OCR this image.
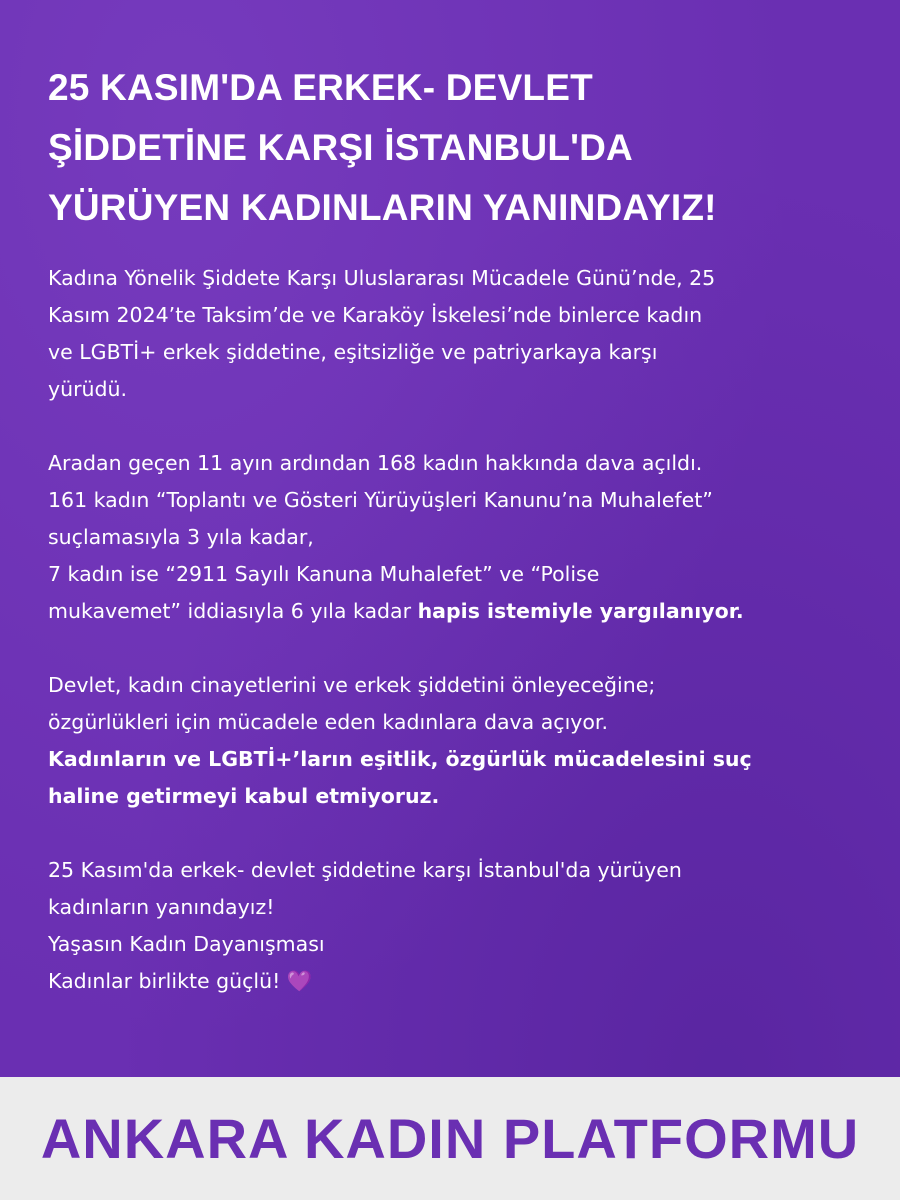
25 KASIM'DA ERKEK- DEVLET
ŞİDDETİNE KARŞI İSTANBUL'DA
YÜRÜYEN KADINLARIN YANINDAYIZ!
Kadına Yönelik Şiddete Karşı Uluslararası Mücadele Günü’nde, 25
Kasım 2024’te Taksim’de ve Karaköy İskelesi’nde binlerce kadın
ve LGBTİ+ erkek şiddetine, eşitsizliğe ve patriyarkaya karşı
yürüdü.
Aradan geçen 11 ayın ardından 168 kadın hakkında dava açıldı.
161 kadın “Toplantı ve Gösteri Yürüyüşleri Kanunu’na Muhalefet”
suçlamasıyla 3 yıla kadar,
7 kadın ise “2911 Sayılı Kanuna Muhalefet” ve “Polise
mukavemet” iddiasıyla 6 yıla kadar hapis istemiyle yargılanıyor.
Devlet, kadın cinayetlerini ve erkek şiddetini önleyeceğine;
özgürlükleri için mücadele eden kadınlara dava açıyor.
Kadınların ve LGBTİ+’ların eşitlik, özgürlük mücadelesini suç
haline getirmeyi kabul etmiyoruz.
25 Kasım'da erkek- devlet şiddetine karşı İstanbul'da yürüyen
kadınların yanındayız!
Yaşasın Kadın Dayanışması
Kadınlar birlikte güçlü! 💜
ANKARA KADIN PLATFORMU
